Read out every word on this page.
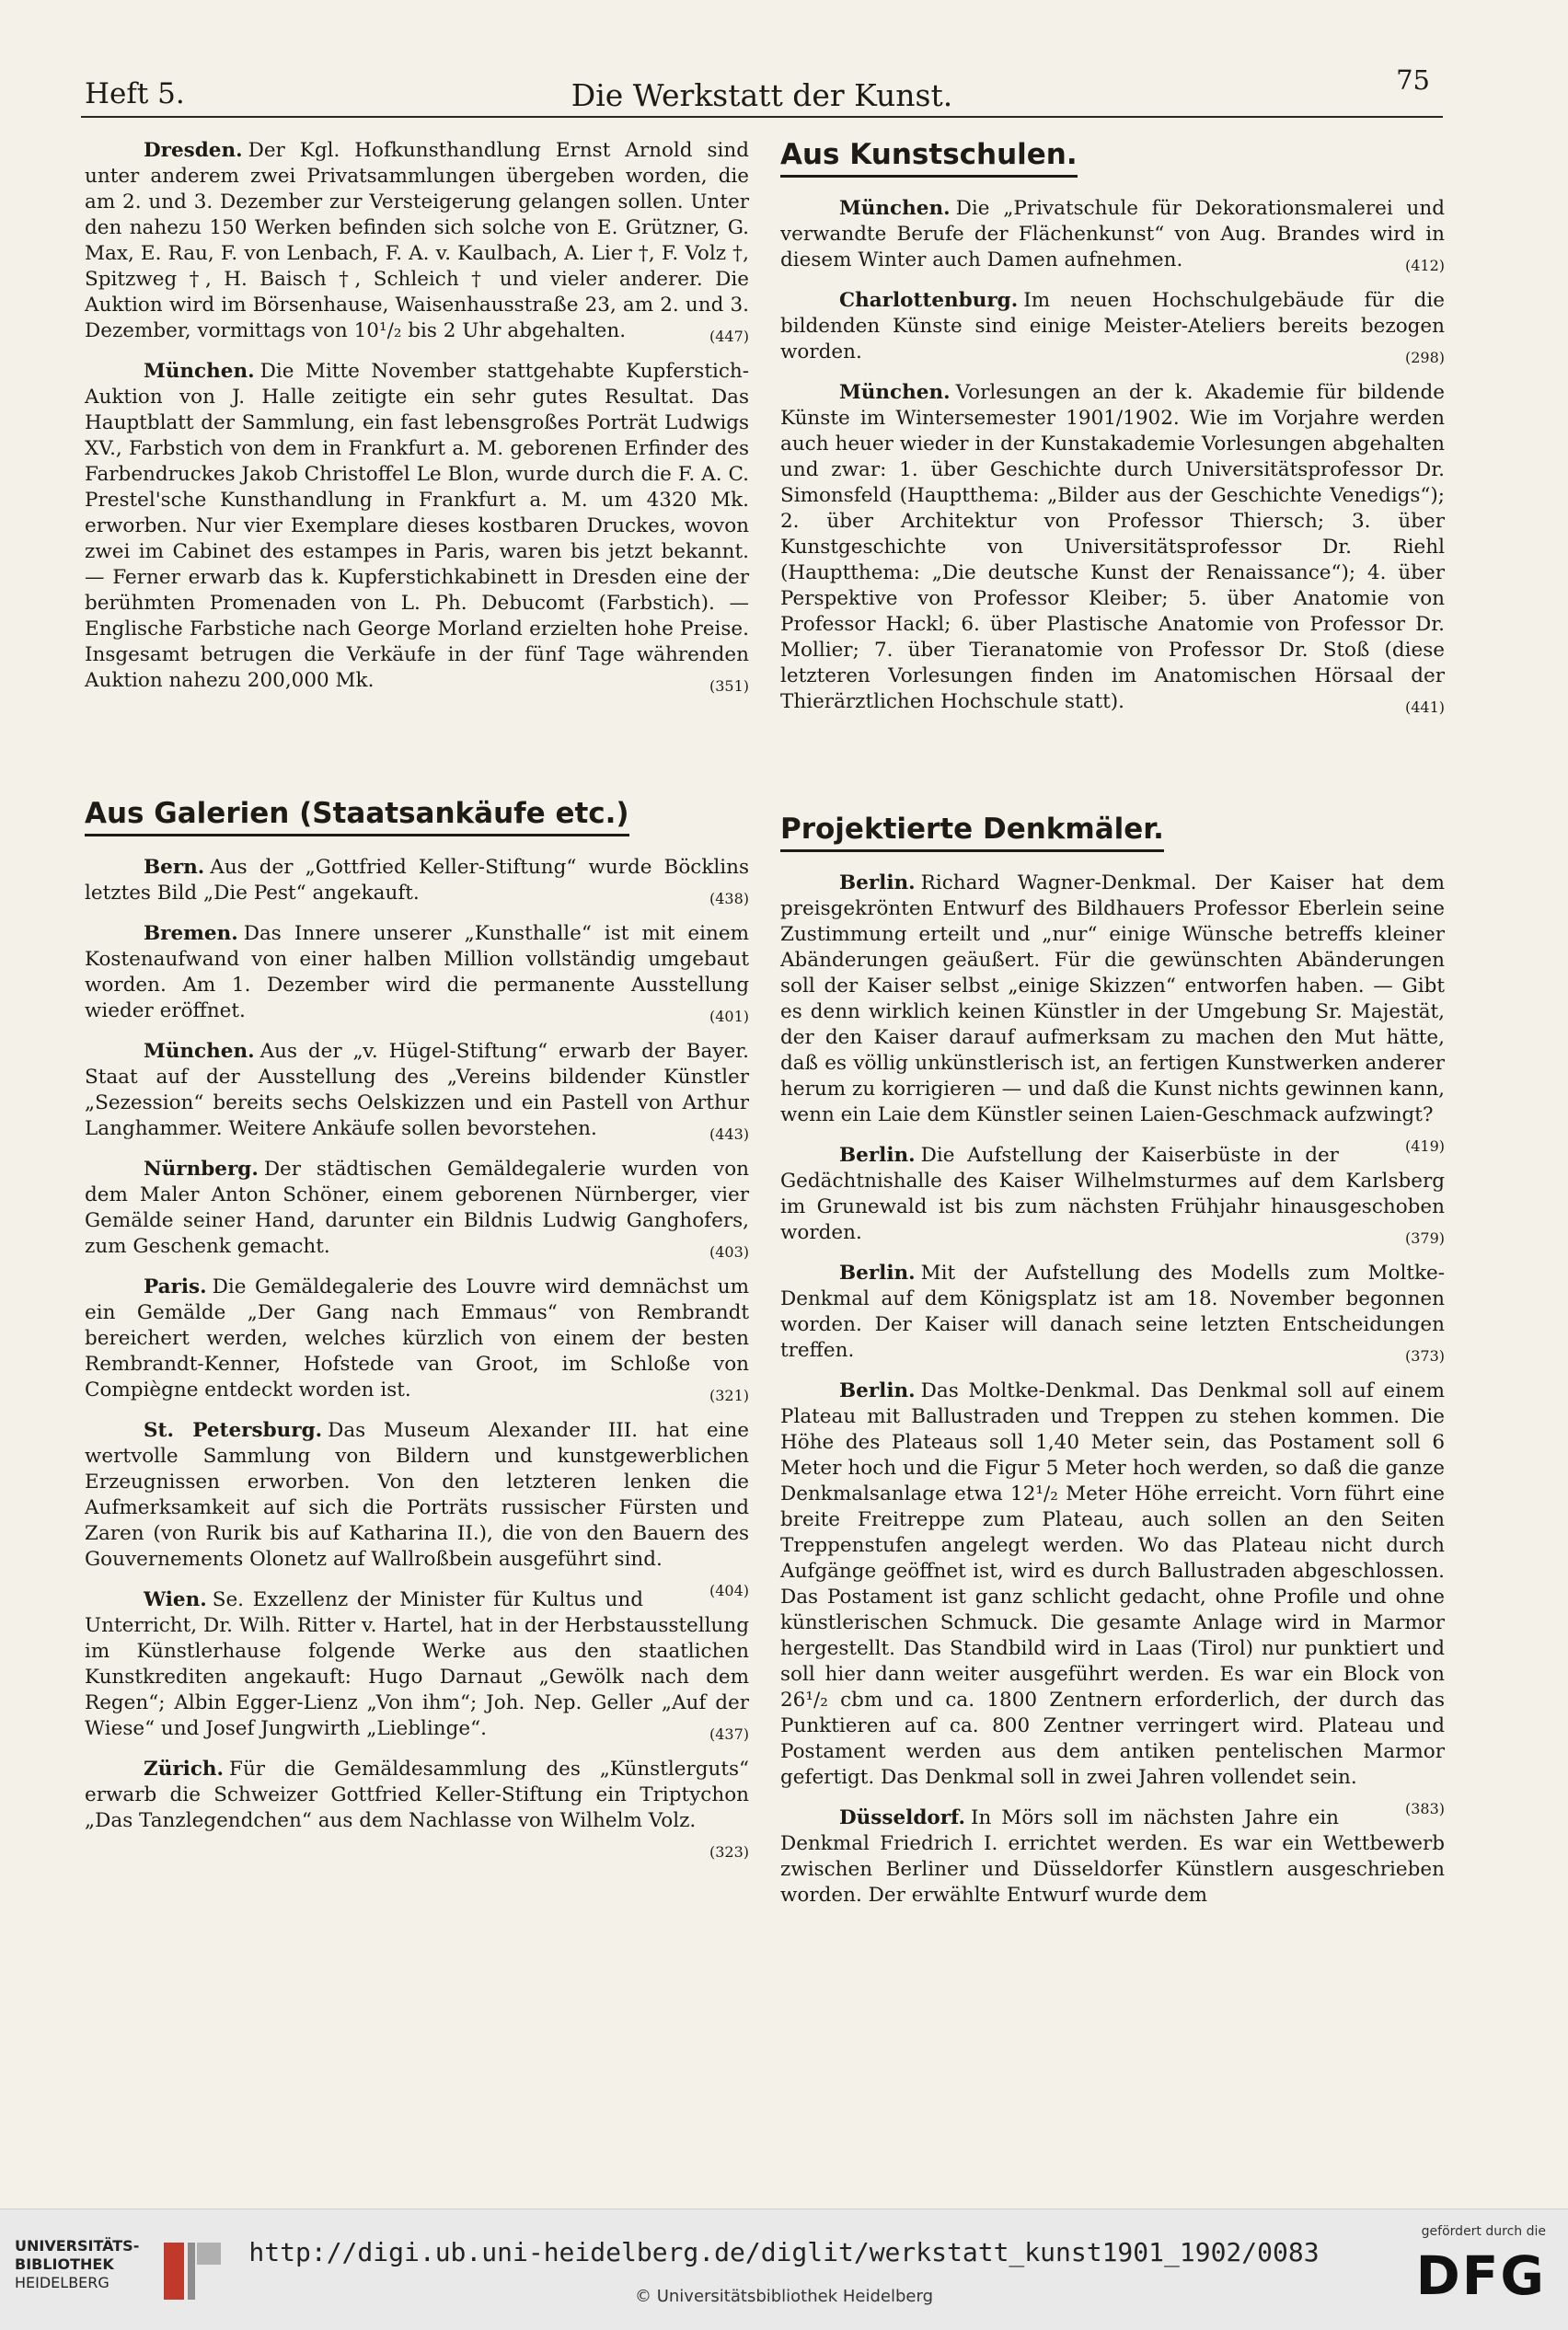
Heft 5.	Die Werkstatt der Kunst.	75

Dresden. Der Kgl. Hofkunsthandlung Ernst Arnold sind unter anderem zwei Privatsammlungen übergeben worden, die am 2. und 3. Dezember zur Versteigerung gelangen sollen. Unter den nahezu 150 Werken befinden sich solche von E. Grützner, G. Max, E. Rau, F. von Lenbach, F. A. v. Kaulbach, A. Lier †, F. Volz †, Spitzweg †, H. Baisch †, Schleich † und vieler anderer. Die Auktion wird im Börsenhause, Waisenhausstraße 23, am 2. und 3. Dezember, vormittags von 10¹/₂ bis 2 Uhr abgehalten.	(447)

München. Die Mitte November stattgehabte Kupferstich-Auktion von J. Halle zeitigte ein sehr gutes Resultat. Das Hauptblatt der Sammlung, ein fast lebensgroßes Porträt Ludwigs XV., Farbstich von dem in Frankfurt a. M. geborenen Erfinder des Farbendruckes Jakob Christoffel Le Blon, wurde durch die F. A. C. Prestel'sche Kunsthandlung in Frankfurt a. M. um 4320 Mk. erworben. Nur vier Exemplare dieses kostbaren Druckes, wovon zwei im Cabinet des estampes in Paris, waren bis jetzt bekannt. — Ferner erwarb das k. Kupferstichkabinett in Dresden eine der berühmten Promenaden von L. Ph. Debucomt (Farbstich). — Englische Farbstiche nach George Morland erzielten hohe Preise. Insgesamt betrugen die Verkäufe in der fünf Tage währenden Auktion nahezu 200,000 Mk.	(351)

Aus Galerien (Staatsankäufe etc.)

Bern. Aus der „Gottfried Keller-Stiftung“ wurde Böcklins letztes Bild „Die Pest“ angekauft.	(438)

Bremen. Das Innere unserer „Kunsthalle“ ist mit einem Kostenaufwand von einer halben Million vollständig umgebaut worden. Am 1. Dezember wird die permanente Ausstellung wieder eröffnet.	(401)

München. Aus der „v. Hügel-Stiftung“ erwarb der Bayer. Staat auf der Ausstellung des „Vereins bildender Künstler „Sezession“ bereits sechs Oelskizzen und ein Pastell von Arthur Langhammer. Weitere Ankäufe sollen bevorstehen.	(443)

Nürnberg. Der städtischen Gemäldegalerie wurden von dem Maler Anton Schöner, einem geborenen Nürnberger, vier Gemälde seiner Hand, darunter ein Bildnis Ludwig Ganghofers, zum Geschenk gemacht.	(403)

Paris. Die Gemäldegalerie des Louvre wird demnächst um ein Gemälde „Der Gang nach Emmaus“ von Rembrandt bereichert werden, welches kürzlich von einem der besten Rembrandt-Kenner, Hofstede van Groot, im Schloße von Compiègne entdeckt worden ist.	(321)

St. Petersburg. Das Museum Alexander III. hat eine wertvolle Sammlung von Bildern und kunstgewerblichen Erzeugnissen erworben. Von den letzteren lenken die Aufmerksamkeit auf sich die Porträts russischer Fürsten und Zaren (von Rurik bis auf Katharina II.), die von den Bauern des Gouvernements Olonetz auf Wallroßbein ausgeführt sind.
(404)

Wien. Se. Exzellenz der Minister für Kultus und Unterricht, Dr. Wilh. Ritter v. Hartel, hat in der Herbstausstellung im Künstlerhause folgende Werke aus den staatlichen Kunstkrediten angekauft: Hugo Darnaut „Gewölk nach dem Regen“; Albin Egger-Lienz „Von ihm“; Joh. Nep. Geller „Auf der Wiese“ und Josef Jungwirth „Lieblinge“.	(437)

Zürich. Für die Gemäldesammlung des „Künstlerguts“ erwarb die Schweizer Gottfried Keller-Stiftung ein Triptychon „Das Tanzlegendchen“ aus dem Nachlasse von Wilhelm Volz.
(323)

Aus Kunstschulen.

München. Die „Privatschule für Dekorationsmalerei und verwandte Berufe der Flächenkunst“ von Aug. Brandes wird in diesem Winter auch Damen aufnehmen.	(412)

Charlottenburg. Im neuen Hochschulgebäude für die bildenden Künste sind einige Meister-Ateliers bereits bezogen worden.	(298)

München. Vorlesungen an der k. Akademie für bildende Künste im Wintersemester 1901/1902. Wie im Vorjahre werden auch heuer wieder in der Kunstakademie Vorlesungen abgehalten und zwar: 1. über Geschichte durch Universitätsprofessor Dr. Simonsfeld (Hauptthema: „Bilder aus der Geschichte Venedigs“); 2. über Architektur von Professor Thiersch; 3. über Kunstgeschichte von Universitätsprofessor Dr. Riehl (Hauptthema: „Die deutsche Kunst der Renaissance“); 4. über Perspektive von Professor Kleiber; 5. über Anatomie von Professor Hackl; 6. über Plastische Anatomie von Professor Dr. Mollier; 7. über Tieranatomie von Professor Dr. Stoß (diese letzteren Vorlesungen finden im Anatomischen Hörsaal der Thierärztlichen Hochschule statt).	(441)

Projektierte Denkmäler.

Berlin. Richard Wagner-Denkmal. Der Kaiser hat dem preisgekrönten Entwurf des Bildhauers Professor Eberlein seine Zustimmung erteilt und „nur“ einige Wünsche betreffs kleiner Abänderungen geäußert. Für die gewünschten Abänderungen soll der Kaiser selbst „einige Skizzen“ entworfen haben. — Gibt es denn wirklich keinen Künstler in der Umgebung Sr. Majestät, der den Kaiser darauf aufmerksam zu machen den Mut hätte, daß es völlig unkünstlerisch ist, an fertigen Kunstwerken anderer herum zu korrigieren — und daß die Kunst nichts gewinnen kann, wenn ein Laie dem Künstler seinen Laien-Geschmack aufzwingt?
(419)

Berlin. Die Aufstellung der Kaiserbüste in der Gedächtnishalle des Kaiser Wilhelmsturmes auf dem Karlsberg im Grunewald ist bis zum nächsten Frühjahr hinausgeschoben worden.	(379)

Berlin. Mit der Aufstellung des Modells zum Moltke-Denkmal auf dem Königsplatz ist am 18. November begonnen worden. Der Kaiser will danach seine letzten Entscheidungen treffen.	(373)

Berlin. Das Moltke-Denkmal. Das Denkmal soll auf einem Plateau mit Ballustraden und Treppen zu stehen kommen. Die Höhe des Plateaus soll 1,40 Meter sein, das Postament soll 6 Meter hoch und die Figur 5 Meter hoch werden, so daß die ganze Denkmalsanlage etwa 12¹/₂ Meter Höhe erreicht. Vorn führt eine breite Freitreppe zum Plateau, auch sollen an den Seiten Treppenstufen angelegt werden. Wo das Plateau nicht durch Aufgänge geöffnet ist, wird es durch Ballustraden abgeschlossen. Das Postament ist ganz schlicht gedacht, ohne Profile und ohne künstlerischen Schmuck. Die gesamte Anlage wird in Marmor hergestellt. Das Standbild wird in Laas (Tirol) nur punktiert und soll hier dann weiter ausgeführt werden. Es war ein Block von 26¹/₂ cbm und ca. 1800 Zentnern erforderlich, der durch das Punktieren auf ca. 800 Zentner verringert wird. Plateau und Postament werden aus dem antiken pentelischen Marmor gefertigt. Das Denkmal soll in zwei Jahren vollendet sein.
(383)

Düsseldorf. In Mörs soll im nächsten Jahre ein Denkmal Friedrich I. errichtet werden. Es war ein Wettbewerb zwischen Berliner und Düsseldorfer Künstlern ausgeschrieben worden. Der erwählte Entwurf wurde dem

UNIVERSITÄTS-
BIBLIOTHEK
HEIDELBERG
http://digi.ub.uni-heidelberg.de/diglit/werkstatt_kunst1901_1902/0083
© Universitätsbibliothek Heidelberg
gefördert durch die
DFG
